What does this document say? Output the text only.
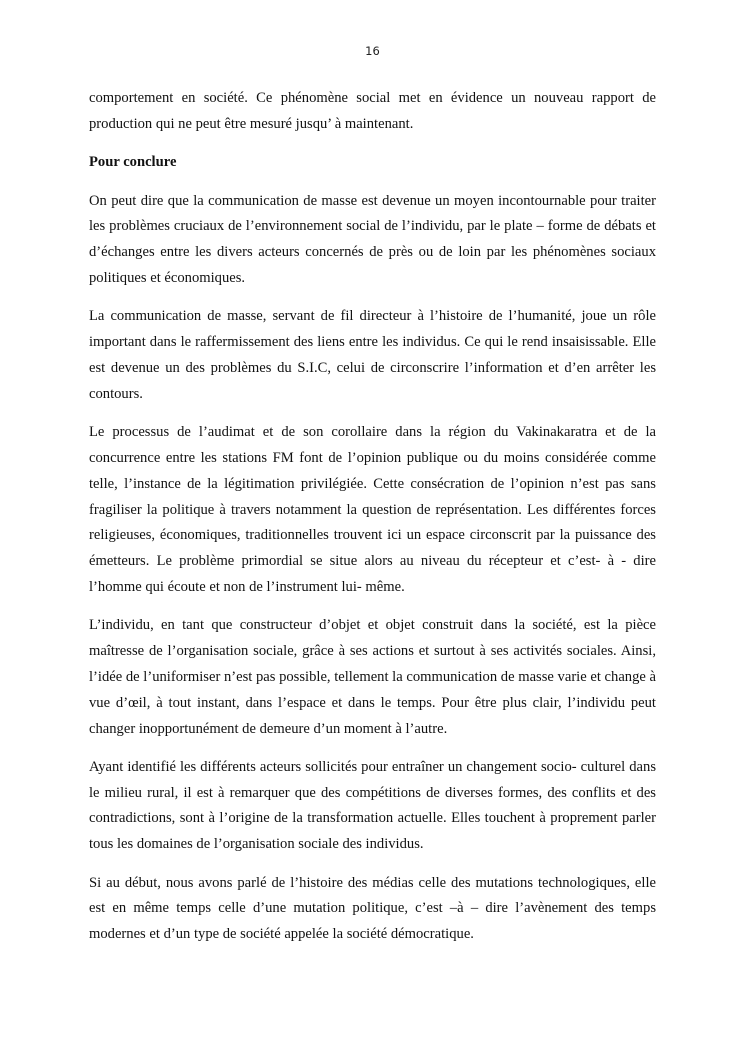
16

comportement en société. Ce phénomène social met en évidence un nouveau rapport de production qui ne peut être mesuré jusqu’ à maintenant.

Pour conclure

On peut dire que la communication de masse est devenue un moyen incontournable pour traiter les problèmes cruciaux de l’environnement social de l’individu, par le plate – forme de débats et d’échanges entre les divers acteurs concernés de près ou de loin par les phénomènes sociaux politiques et économiques.

La communication de masse, servant de fil directeur à l’histoire de l’humanité, joue un rôle important dans le raffermissement des liens entre les individus. Ce qui le rend insaisissable. Elle est devenue un des problèmes du S.I.C, celui de circonscrire l’information et d’en arrêter les contours.

Le processus de l’audimat et de son corollaire dans la région du Vakinakaratra et de la concurrence entre les stations FM font de l’opinion publique ou du moins considérée comme telle, l’instance de la légitimation privilégiée. Cette consécration de l’opinion n’est pas sans fragiliser la politique à travers notamment la question de représentation. Les différentes forces religieuses, économiques, traditionnelles trouvent ici un espace circonscrit par la puissance des émetteurs. Le problème primordial se situe alors au niveau du récepteur et c’est- à - dire l’homme qui écoute et non de l’instrument lui- même.

L’individu, en tant que constructeur d’objet et objet construit dans la société, est la pièce maîtresse de l’organisation sociale, grâce à ses actions et surtout à ses activités sociales. Ainsi, l’idée de l’uniformiser n’est pas possible, tellement la communication de masse varie et change à vue d’œil, à tout instant, dans l’espace et dans le temps. Pour être plus clair, l’individu peut changer inopportunément de demeure d’un moment à l’autre.

Ayant identifié les différents acteurs sollicités pour entraîner un changement socio- culturel dans le milieu rural, il est à remarquer que des compétitions de diverses formes, des conflits et des contradictions, sont à l’origine de la transformation actuelle. Elles touchent à proprement parler tous les domaines de l’organisation sociale des individus.

Si au début, nous avons parlé de l’histoire des médias celle des mutations technologiques, elle est en même temps celle d’une mutation politique, c’est –à – dire l’avènement des temps modernes et d’un type de société appelée la société démocratique.
